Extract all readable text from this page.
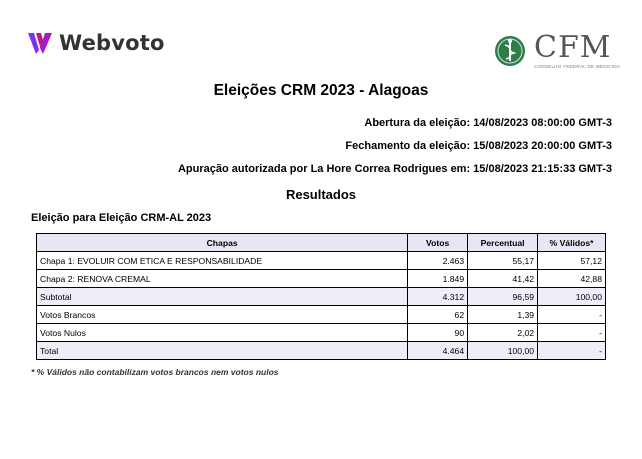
Webvoto	CFM
CONSELHO FEDERAL DE MEDICINA
Eleições CRM 2023 - Alagoas
Abertura da eleição: 14/08/2023 08:00:00 GMT-3
Fechamento da eleição: 15/08/2023 20:00:00 GMT-3
Apuração autorizada por La Hore Correa Rodrigues em: 15/08/2023 21:15:33 GMT-3
Resultados
Eleição para Eleição CRM-AL 2023
Chapas	Votos	Percentual	% Válidos*
Chapa 1: EVOLUIR COM ETICA E RESPONSABILIDADE	2.463	55,17	57,12
Chapa 2: RENOVA CREMAL	1.849	41,42	42,88
Subtotal	4.312	96,59	100,00
Votos Brancos	62	1,39	-
Votos Nulos	90	2,02	-
Total	4.464	100,00	-
* % Válidos não contabilizam votos brancos nem votos nulos
